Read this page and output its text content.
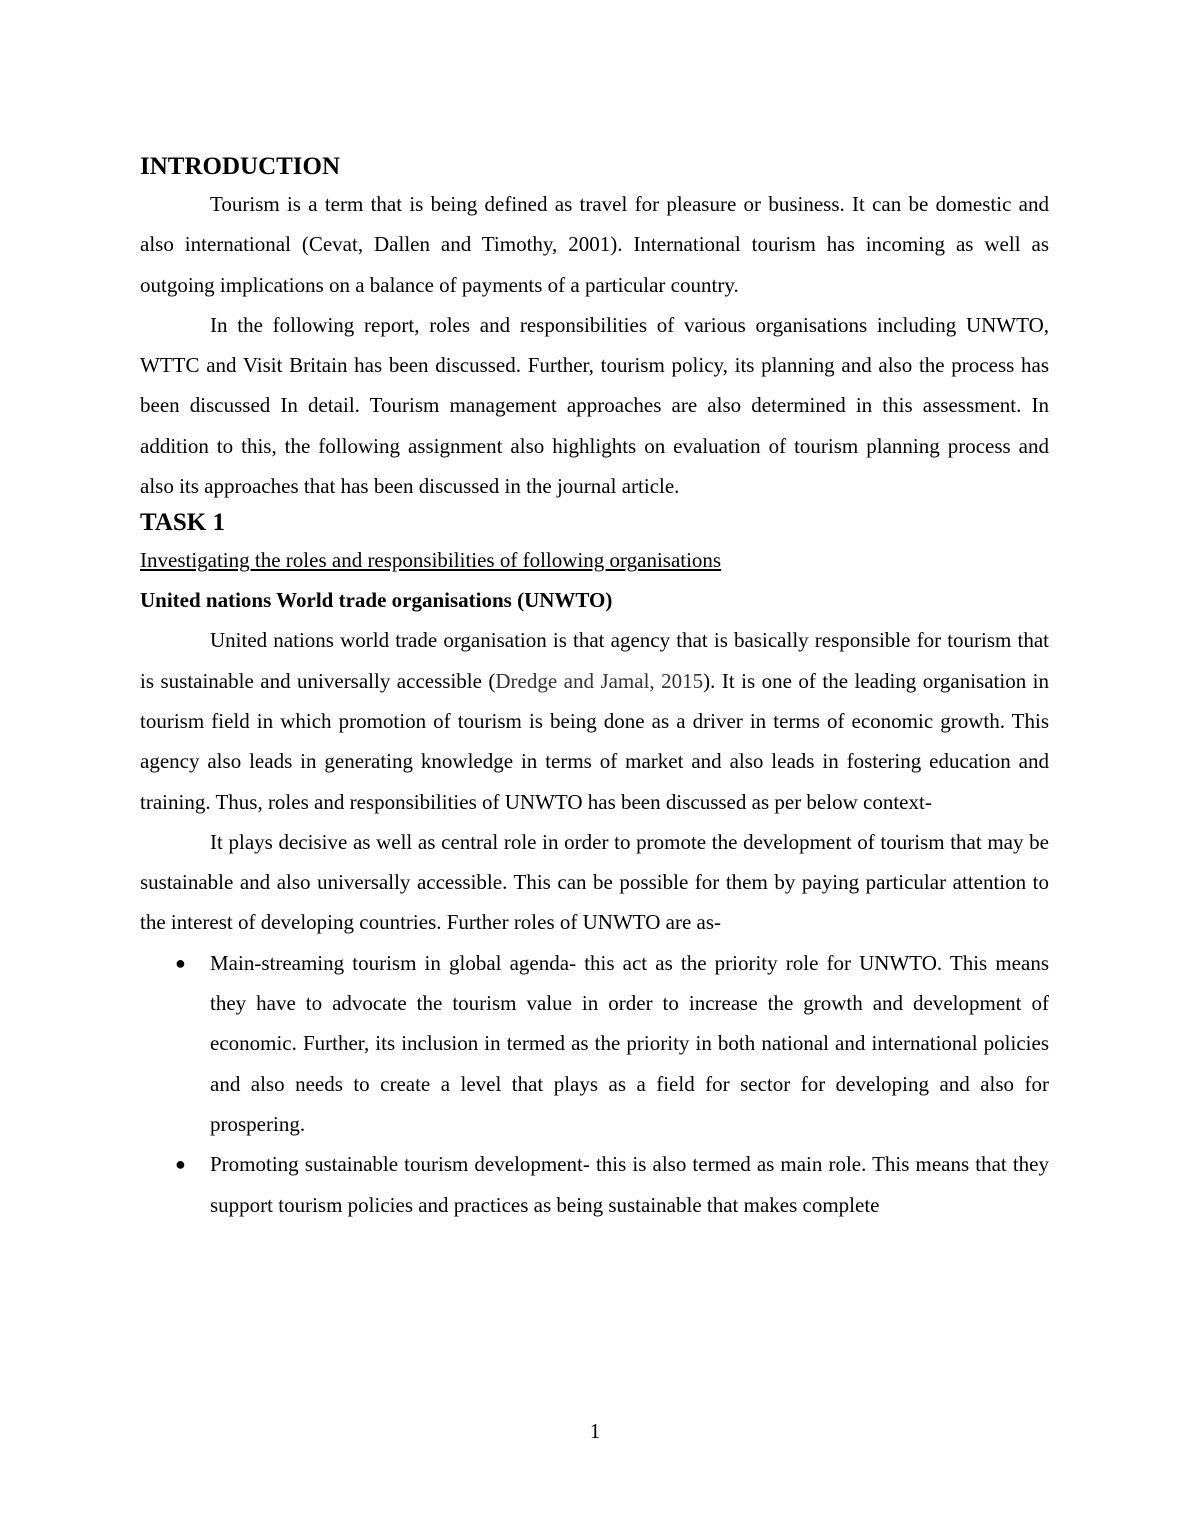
INTRODUCTION

Tourism is a term that is being defined as travel for pleasure or business. It can be domestic and also international (Cevat, Dallen and Timothy, 2001). International tourism has incoming as well as outgoing implications on a balance of payments of a particular country.

In the following report, roles and responsibilities of various organisations including UNWTO, WTTC and Visit Britain has been discussed. Further, tourism policy, its planning and also the process has been discussed In detail. Tourism management approaches are also determined in this assessment. In addition to this, the following assignment also highlights on evaluation of tourism planning process and also its approaches that has been discussed in the journal article.

TASK 1

Investigating the roles and responsibilities of following organisations

United nations World trade organisations (UNWTO)

United nations world trade organisation is that agency that is basically responsible for tourism that is sustainable and universally accessible (Dredge and Jamal, 2015). It is one of the leading organisation in tourism field in which promotion of tourism is being done as a driver in terms of economic growth. This agency also leads in generating knowledge in terms of market and also leads in fostering education and training. Thus, roles and responsibilities of UNWTO has been discussed as per below context-

It plays decisive as well as central role in order to promote the development of tourism that may be sustainable and also universally accessible. This can be possible for them by paying particular attention to the interest of developing countries. Further roles of UNWTO are as-

● Main-streaming tourism in global agenda- this act as the priority role for UNWTO. This means they have to advocate the tourism value in order to increase the growth and development of economic. Further, its inclusion in termed as the priority in both national and international policies and also needs to create a level that plays as a field for sector for developing and also for prospering.
● Promoting sustainable tourism development- this is also termed as main role. This means that they support tourism policies and practices as being sustainable that makes complete
1
